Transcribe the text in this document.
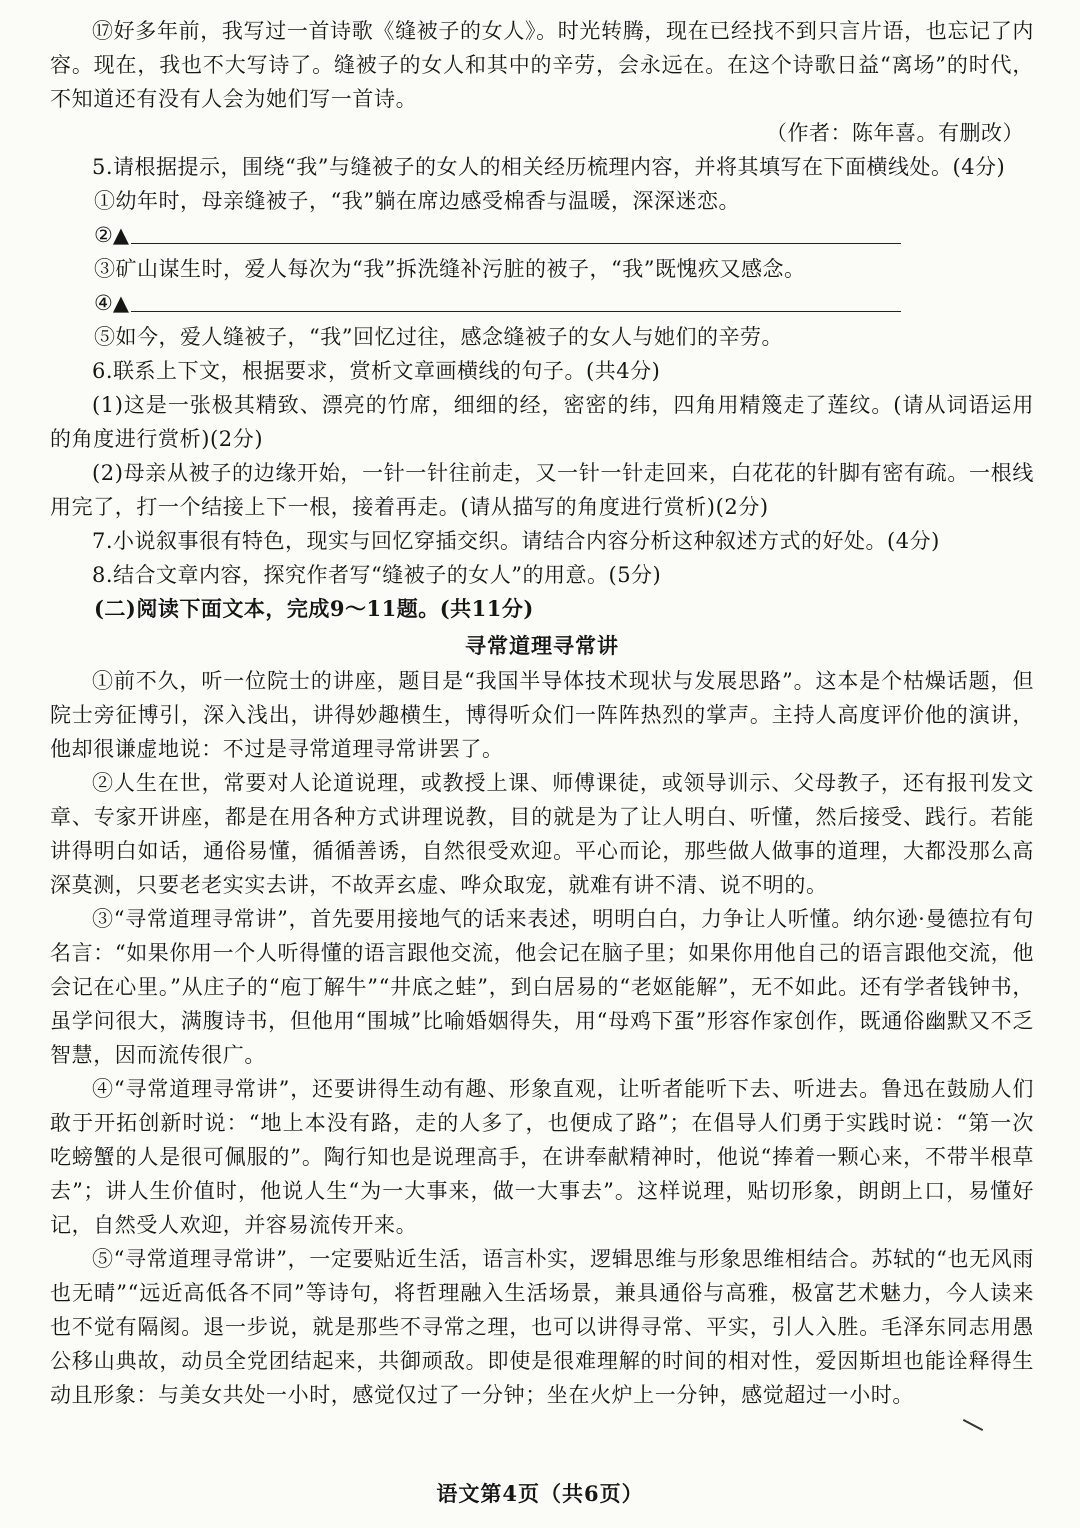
⑰好多年前，我写过一首诗歌《缝被子的女人》。时光转腾，现在已经找不到只言片语，也忘记了内容。现在，我也不大写诗了。缝被子的女人和其中的辛劳，会永远在。在这个诗歌日益“离场”的时代，不知道还有没有人会为她们写一首诗。

（作者：陈年喜。有删改）

5.请根据提示，围绕“我”与缝被子的女人的相关经历梳理内容，并将其填写在下面横线处。(4分)

①幼年时，母亲缝被子，“我”躺在席边感受棉香与温暖，深深迷恋。

②▲

③矿山谋生时，爱人每次为“我”拆洗缝补污脏的被子，“我”既愧疚又感念。

④▲

⑤如今，爱人缝被子，“我”回忆过往，感念缝被子的女人与她们的辛劳。

6.联系上下文，根据要求，赏析文章画横线的句子。(共4分)

(1)这是一张极其精致、漂亮的竹席，细细的经，密密的纬，四角用精篾走了莲纹。(请从词语运用的角度进行赏析)(2分)

(2)母亲从被子的边缘开始，一针一针往前走，又一针一针走回来，白花花的针脚有密有疏。一根线用完了，打一个结接上下一根，接着再走。(请从描写的角度进行赏析)(2分)

7.小说叙事很有特色，现实与回忆穿插交织。请结合内容分析这种叙述方式的好处。(4分)

8.结合文章内容，探究作者写“缝被子的女人”的用意。(5分)

(二)阅读下面文本，完成9～11题。(共11分)

寻常道理寻常讲

①前不久，听一位院士的讲座，题目是“我国半导体技术现状与发展思路”。这本是个枯燥话题，但院士旁征博引，深入浅出，讲得妙趣横生，博得听众们一阵阵热烈的掌声。主持人高度评价他的演讲，他却很谦虚地说：不过是寻常道理寻常讲罢了。

②人生在世，常要对人论道说理，或教授上课、师傅课徒，或领导训示、父母教子，还有报刊发文章、专家开讲座，都是在用各种方式讲理说教，目的就是为了让人明白、听懂，然后接受、践行。若能讲得明白如话，通俗易懂，循循善诱，自然很受欢迎。平心而论，那些做人做事的道理，大都没那么高深莫测，只要老老实实去讲，不故弄玄虚、哗众取宠，就难有讲不清、说不明的。

③“寻常道理寻常讲”，首先要用接地气的话来表述，明明白白，力争让人听懂。纳尔逊·曼德拉有句名言：“如果你用一个人听得懂的语言跟他交流，他会记在脑子里；如果你用他自己的语言跟他交流，他会记在心里。”从庄子的“庖丁解牛”“井底之蛙”，到白居易的“老妪能解”，无不如此。还有学者钱钟书，虽学问很大，满腹诗书，但他用“围城”比喻婚姻得失，用“母鸡下蛋”形容作家创作，既通俗幽默又不乏智慧，因而流传很广。

④“寻常道理寻常讲”，还要讲得生动有趣、形象直观，让听者能听下去、听进去。鲁迅在鼓励人们敢于开拓创新时说：“地上本没有路，走的人多了，也便成了路”；在倡导人们勇于实践时说：“第一次吃螃蟹的人是很可佩服的”。陶行知也是说理高手，在讲奉献精神时，他说“捧着一颗心来，不带半根草去”；讲人生价值时，他说人生“为一大事来，做一大事去”。这样说理，贴切形象，朗朗上口，易懂好记，自然受人欢迎，并容易流传开来。

⑤“寻常道理寻常讲”，一定要贴近生活，语言朴实，逻辑思维与形象思维相结合。苏轼的“也无风雨也无晴”“远近高低各不同”等诗句，将哲理融入生活场景，兼具通俗与高雅，极富艺术魅力，今人读来也不觉有隔阂。退一步说，就是那些不寻常之理，也可以讲得寻常、平实，引人入胜。毛泽东同志用愚公移山典故，动员全党团结起来，共御顽敌。即使是很难理解的时间的相对性，爱因斯坦也能诠释得生动且形象：与美女共处一小时，感觉仅过了一分钟；坐在火炉上一分钟，感觉超过一小时。

语文第4页（共6页）
